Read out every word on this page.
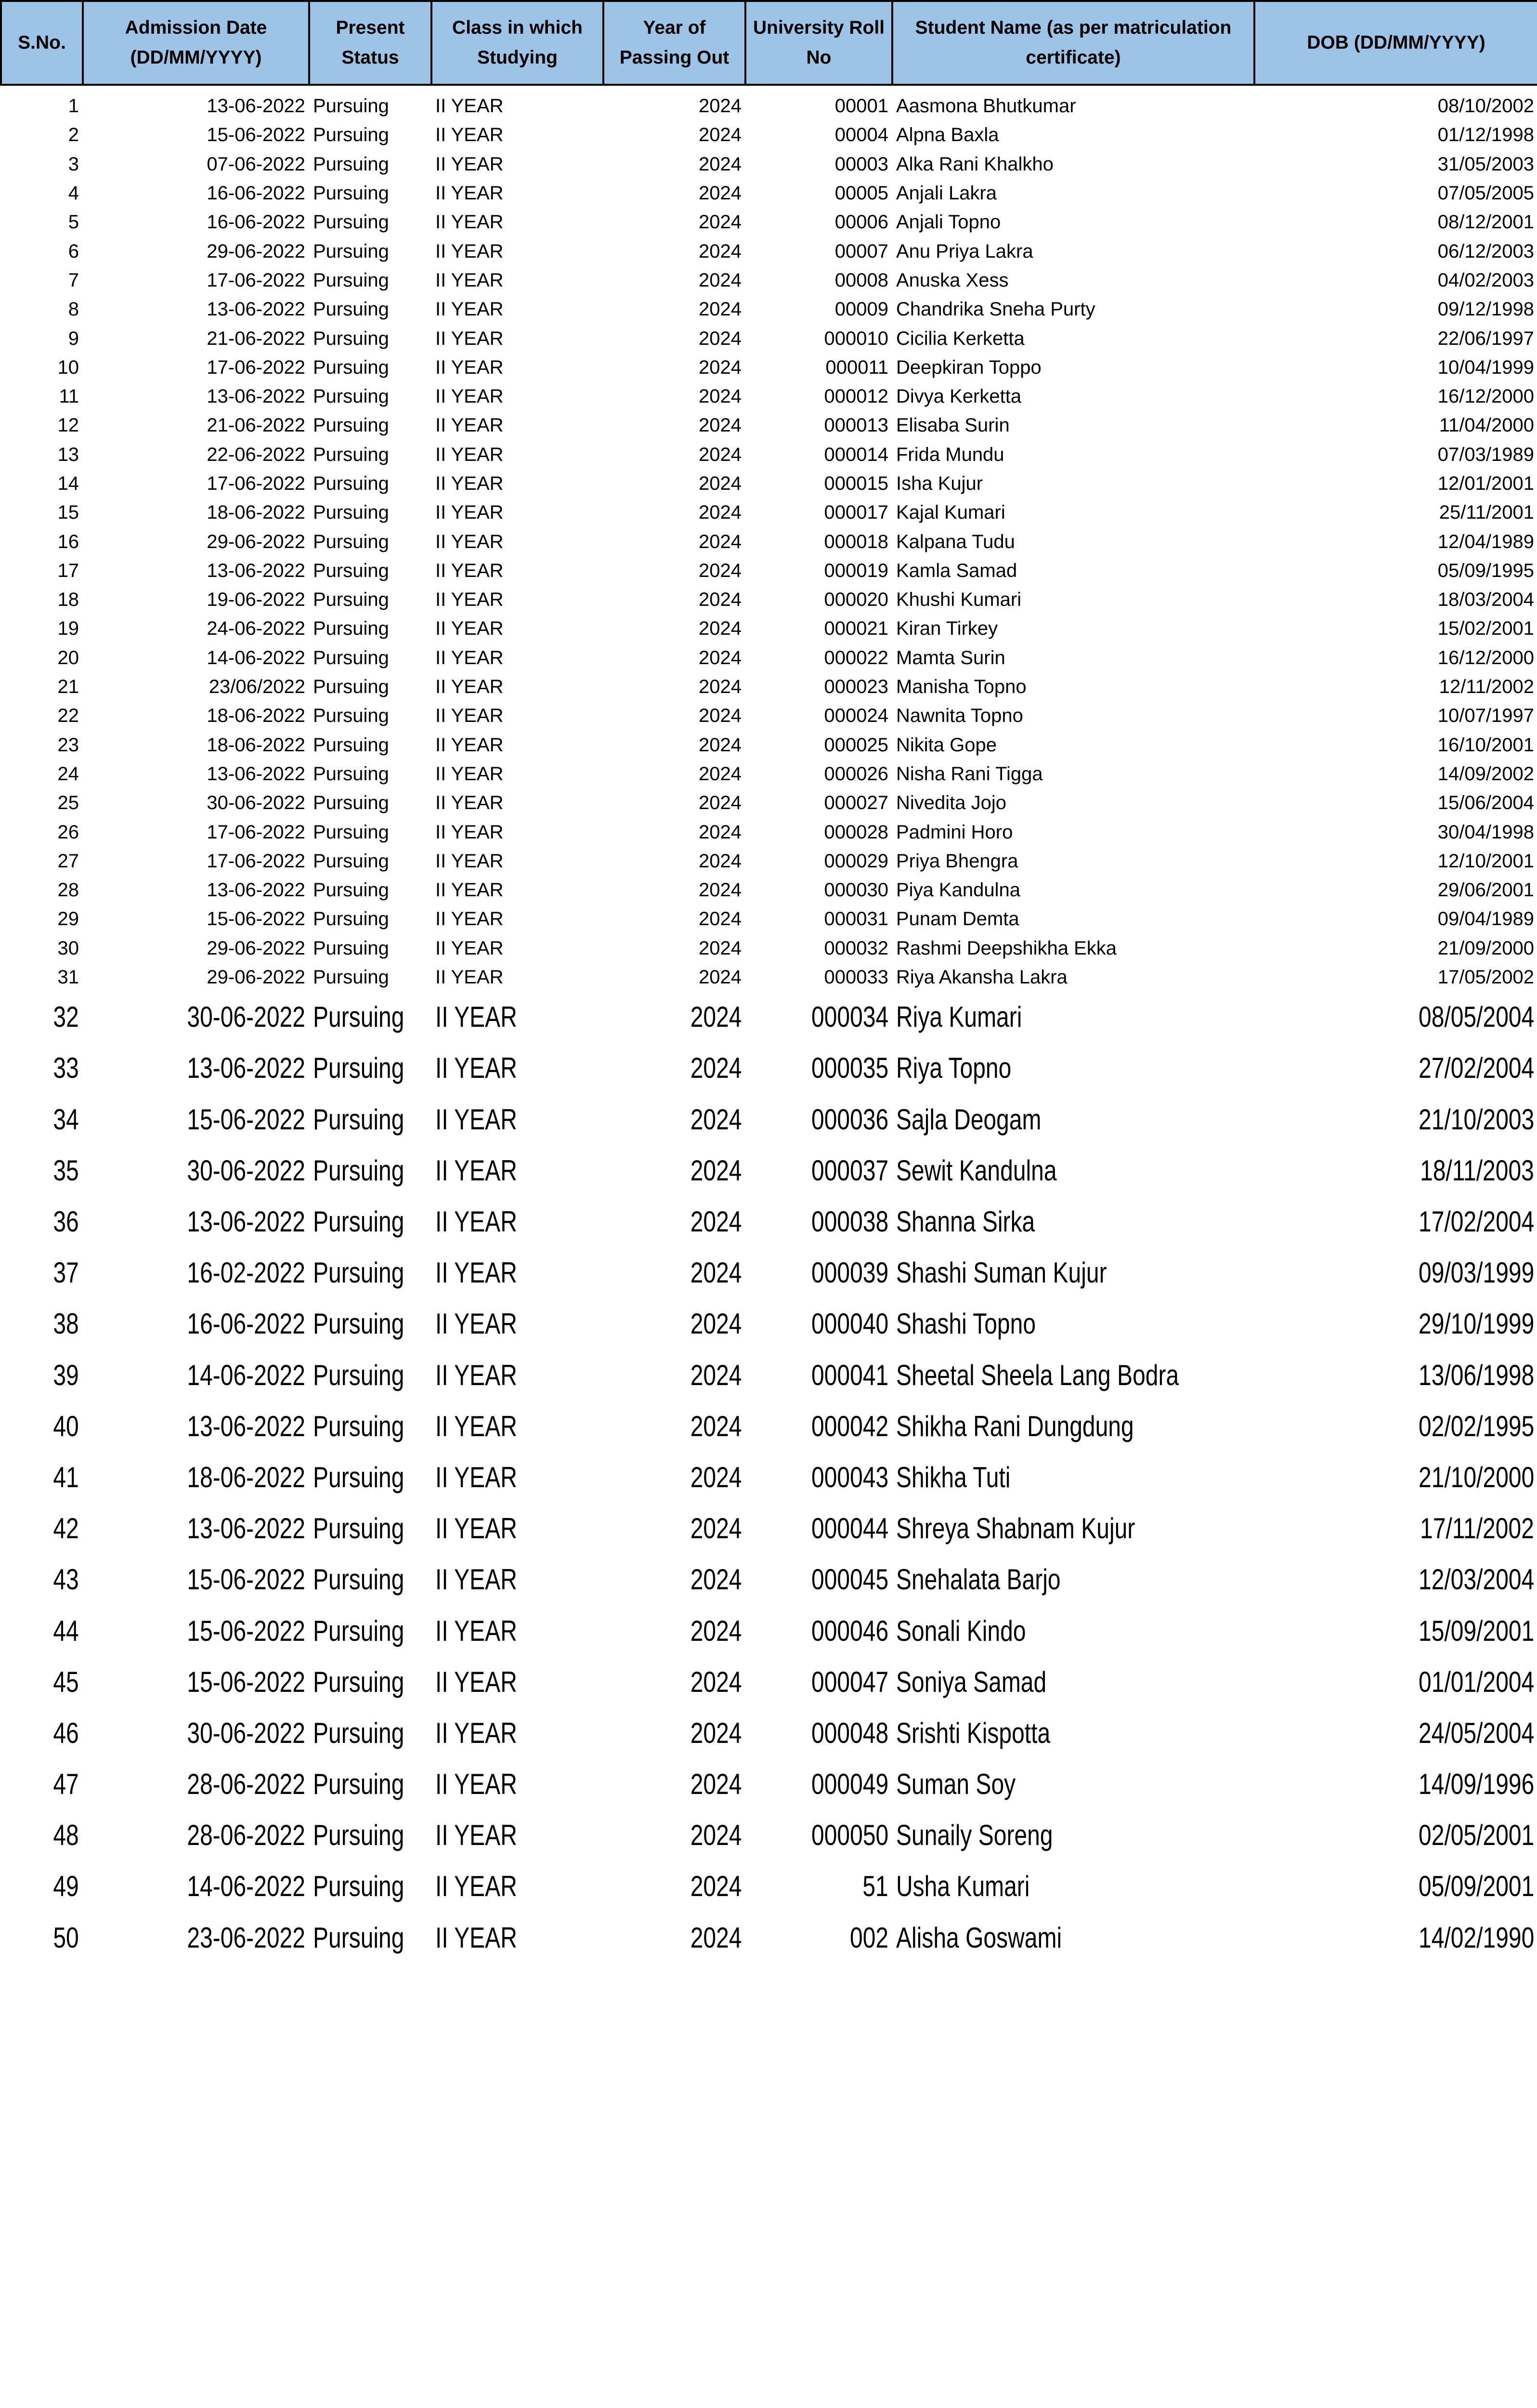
S.No.	Admission Date (DD/MM/YYYY)	Present Status	Class in which Studying	Year of Passing Out	University Roll No	Student Name (as per matriculation certificate)	DOB (DD/MM/YYYY)

1	13-06-2022	Pursuing	II YEAR	2024	00001	Aasmona Bhutkumar	08/10/2002
2	15-06-2022	Pursuing	II YEAR	2024	00004	Alpna Baxla	01/12/1998
3	07-06-2022	Pursuing	II YEAR	2024	00003	Alka Rani Khalkho	31/05/2003
4	16-06-2022	Pursuing	II YEAR	2024	00005	Anjali Lakra	07/05/2005
5	16-06-2022	Pursuing	II YEAR	2024	00006	Anjali Topno	08/12/2001
6	29-06-2022	Pursuing	II YEAR	2024	00007	Anu Priya Lakra	06/12/2003
7	17-06-2022	Pursuing	II YEAR	2024	00008	Anuska Xess	04/02/2003
8	13-06-2022	Pursuing	II YEAR	2024	00009	Chandrika Sneha Purty	09/12/1998
9	21-06-2022	Pursuing	II YEAR	2024	000010	Cicilia Kerketta	22/06/1997
10	17-06-2022	Pursuing	II YEAR	2024	000011	Deepkiran Toppo	10/04/1999
11	13-06-2022	Pursuing	II YEAR	2024	000012	Divya Kerketta	16/12/2000
12	21-06-2022	Pursuing	II YEAR	2024	000013	Elisaba Surin	11/04/2000
13	22-06-2022	Pursuing	II YEAR	2024	000014	Frida Mundu	07/03/1989
14	17-06-2022	Pursuing	II YEAR	2024	000015	Isha Kujur	12/01/2001
15	18-06-2022	Pursuing	II YEAR	2024	000017	Kajal Kumari	25/11/2001
16	29-06-2022	Pursuing	II YEAR	2024	000018	Kalpana Tudu	12/04/1989
17	13-06-2022	Pursuing	II YEAR	2024	000019	Kamla Samad	05/09/1995
18	19-06-2022	Pursuing	II YEAR	2024	000020	Khushi Kumari	18/03/2004
19	24-06-2022	Pursuing	II YEAR	2024	000021	Kiran Tirkey	15/02/2001
20	14-06-2022	Pursuing	II YEAR	2024	000022	Mamta Surin	16/12/2000
21	23/06/2022	Pursuing	II YEAR	2024	000023	Manisha Topno	12/11/2002
22	18-06-2022	Pursuing	II YEAR	2024	000024	Nawnita Topno	10/07/1997
23	18-06-2022	Pursuing	II YEAR	2024	000025	Nikita Gope	16/10/2001
24	13-06-2022	Pursuing	II YEAR	2024	000026	Nisha Rani Tigga	14/09/2002
25	30-06-2022	Pursuing	II YEAR	2024	000027	Nivedita Jojo	15/06/2004
26	17-06-2022	Pursuing	II YEAR	2024	000028	Padmini Horo	30/04/1998
27	17-06-2022	Pursuing	II YEAR	2024	000029	Priya Bhengra	12/10/2001
28	13-06-2022	Pursuing	II YEAR	2024	000030	Piya Kandulna	29/06/2001
29	15-06-2022	Pursuing	II YEAR	2024	000031	Punam Demta	09/04/1989
30	29-06-2022	Pursuing	II YEAR	2024	000032	Rashmi Deepshikha Ekka	21/09/2000
31	29-06-2022	Pursuing	II YEAR	2024	000033	Riya Akansha Lakra	17/05/2002
32	30-06-2022	Pursuing	II YEAR	2024	000034	Riya Kumari	08/05/2004
33	13-06-2022	Pursuing	II YEAR	2024	000035	Riya Topno	27/02/2004
34	15-06-2022	Pursuing	II YEAR	2024	000036	Sajla Deogam	21/10/2003
35	30-06-2022	Pursuing	II YEAR	2024	000037	Sewit Kandulna	18/11/2003
36	13-06-2022	Pursuing	II YEAR	2024	000038	Shanna Sirka	17/02/2004
37	16-02-2022	Pursuing	II YEAR	2024	000039	Shashi Suman Kujur	09/03/1999
38	16-06-2022	Pursuing	II YEAR	2024	000040	Shashi Topno	29/10/1999
39	14-06-2022	Pursuing	II YEAR	2024	000041	Sheetal Sheela Lang Bodra	13/06/1998
40	13-06-2022	Pursuing	II YEAR	2024	000042	Shikha Rani Dungdung	02/02/1995
41	18-06-2022	Pursuing	II YEAR	2024	000043	Shikha Tuti	21/10/2000
42	13-06-2022	Pursuing	II YEAR	2024	000044	Shreya Shabnam Kujur	17/11/2002
43	15-06-2022	Pursuing	II YEAR	2024	000045	Snehalata Barjo	12/03/2004
44	15-06-2022	Pursuing	II YEAR	2024	000046	Sonali Kindo	15/09/2001
45	15-06-2022	Pursuing	II YEAR	2024	000047	Soniya Samad	01/01/2004
46	30-06-2022	Pursuing	II YEAR	2024	000048	Srishti Kispotta	24/05/2004
47	28-06-2022	Pursuing	II YEAR	2024	000049	Suman Soy	14/09/1996
48	28-06-2022	Pursuing	II YEAR	2024	000050	Sunaily Soreng	02/05/2001
49	14-06-2022	Pursuing	II YEAR	2024	51	Usha Kumari	05/09/2001
50	23-06-2022	Pursuing	II YEAR	2024	002	Alisha Goswami	14/02/1990
